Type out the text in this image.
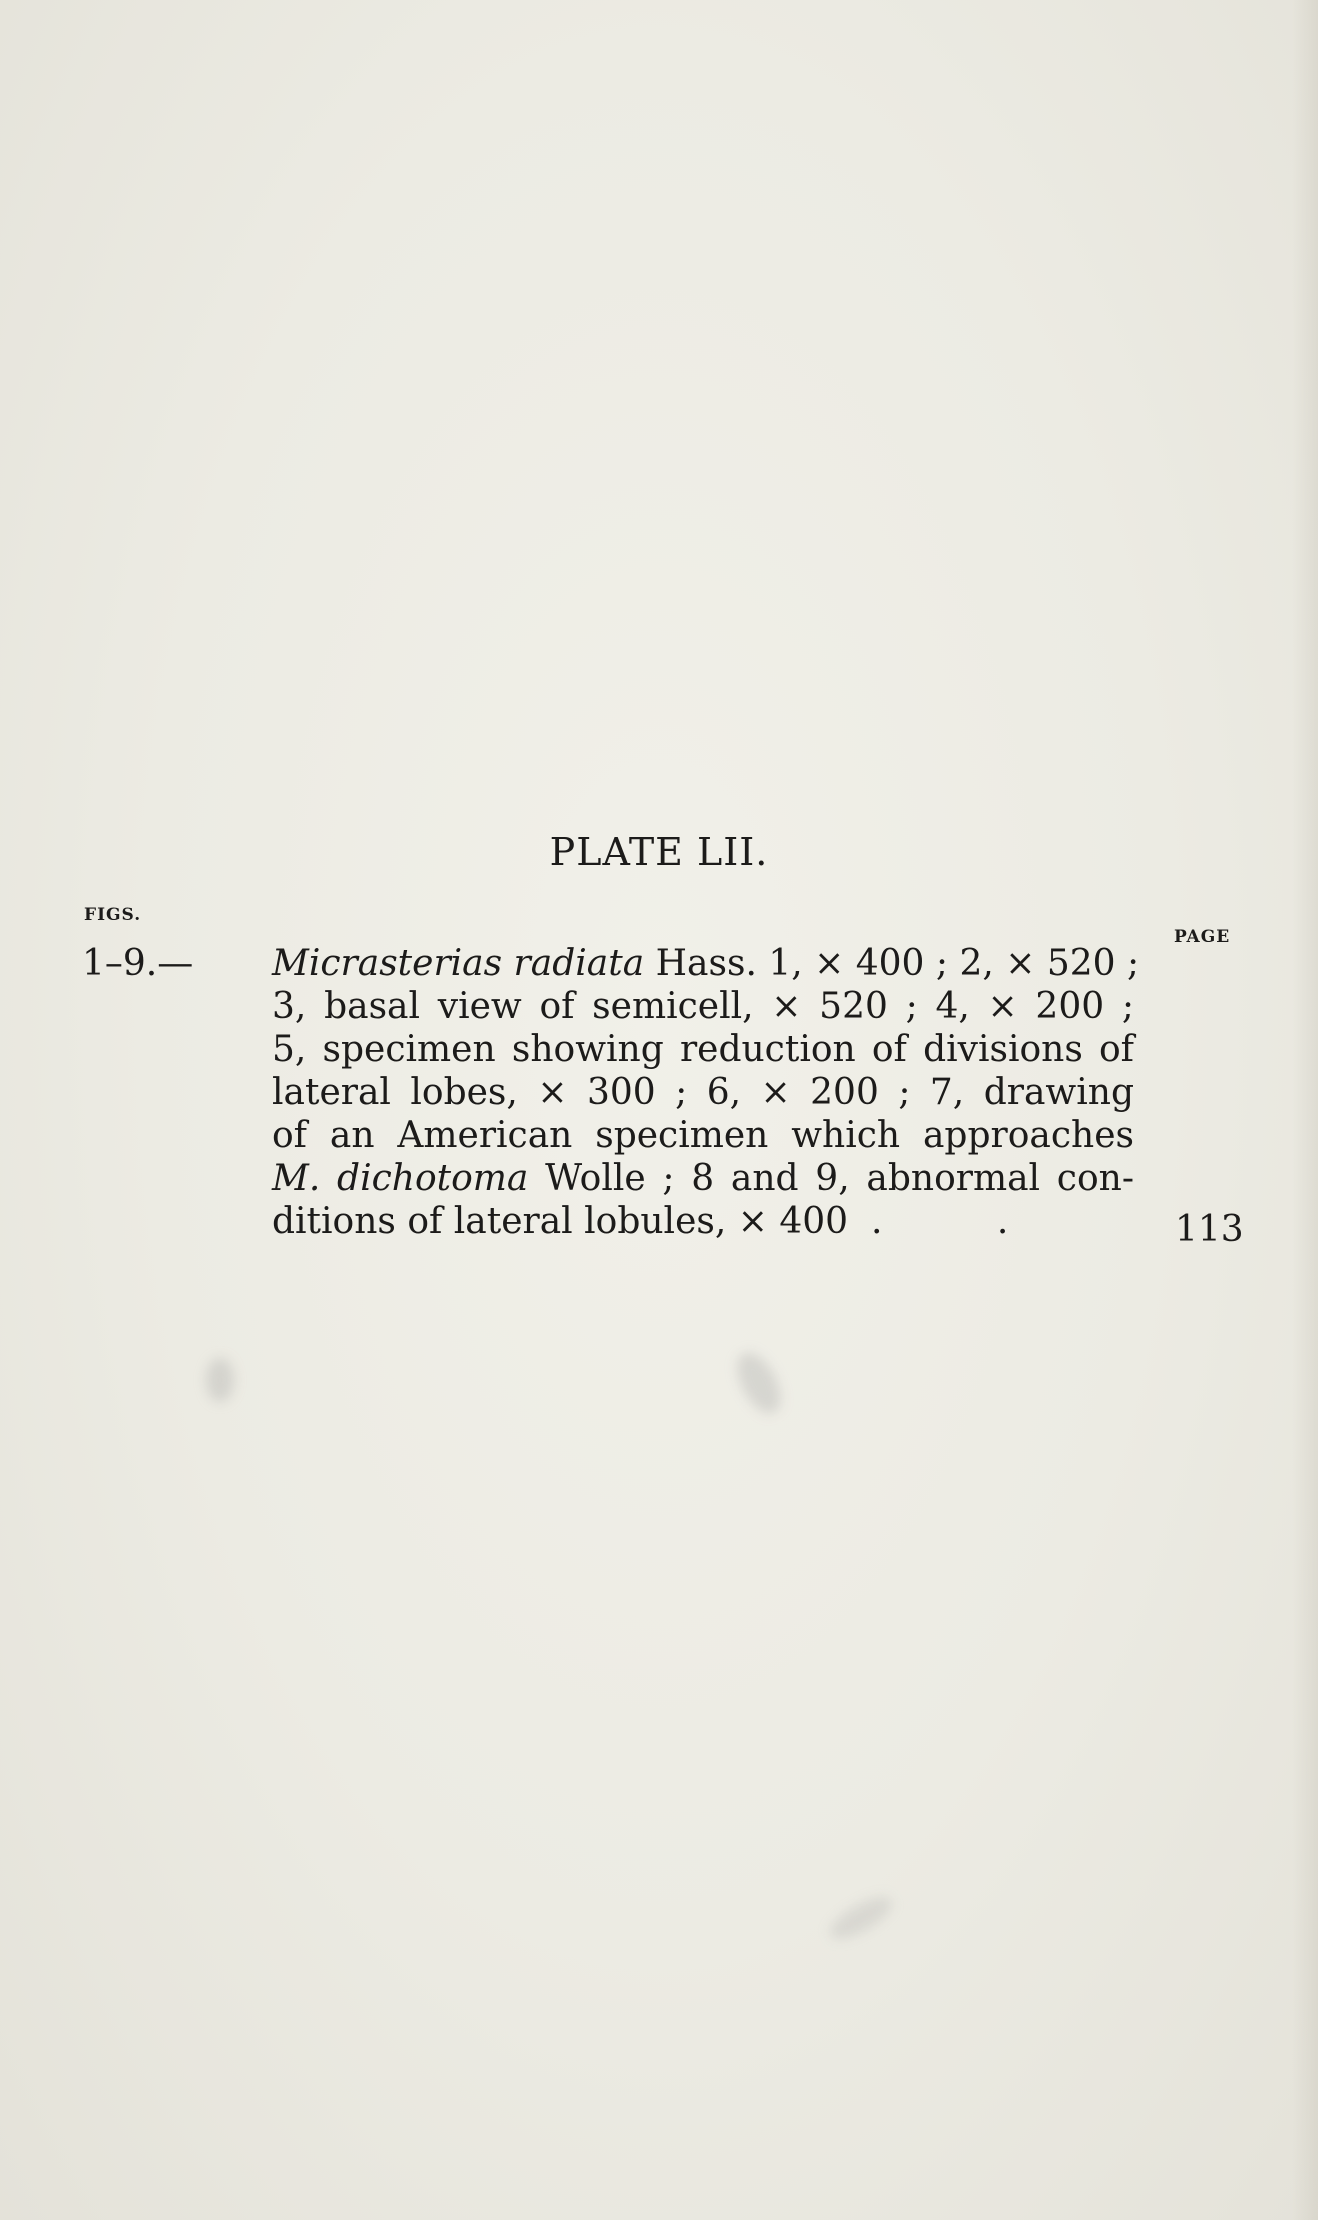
PLATE LII.
FIGS.
PAGE
1–9.— Micrasterias radiata Hass. 1, × 400 ; 2, × 520 ;
3, basal view of semicell, × 520 ; 4, × 200 ;
5, specimen showing reduction of divisions of
lateral lobes, × 300 ; 6, × 200 ; 7, drawing
of an American specimen which approaches
M. dichotoma Wolle ; 8 and 9, abnormal con-
ditions of lateral lobules, × 400  .          .	113
